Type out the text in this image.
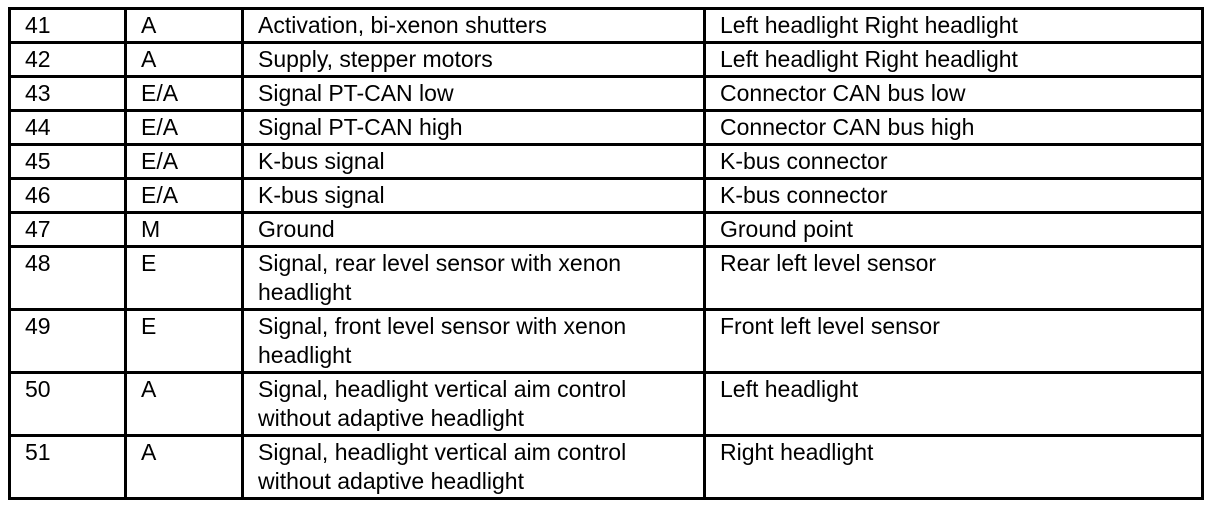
41	A	Activation, bi-xenon shutters	Left headlight Right headlight
42	A	Supply, stepper motors	Left headlight Right headlight
43	E/A	Signal PT-CAN low	Connector CAN bus low
44	E/A	Signal PT-CAN high	Connector CAN bus high
45	E/A	K-bus signal	K-bus connector
46	E/A	K-bus signal	K-bus connector
47	M	Ground	Ground point
48	E	Signal, rear level sensor with xenon headlight	Rear left level sensor
49	E	Signal, front level sensor with xenon headlight	Front left level sensor
50	A	Signal, headlight vertical aim control without adaptive headlight	Left headlight
51	A	Signal, headlight vertical aim control without adaptive headlight	Right headlight
